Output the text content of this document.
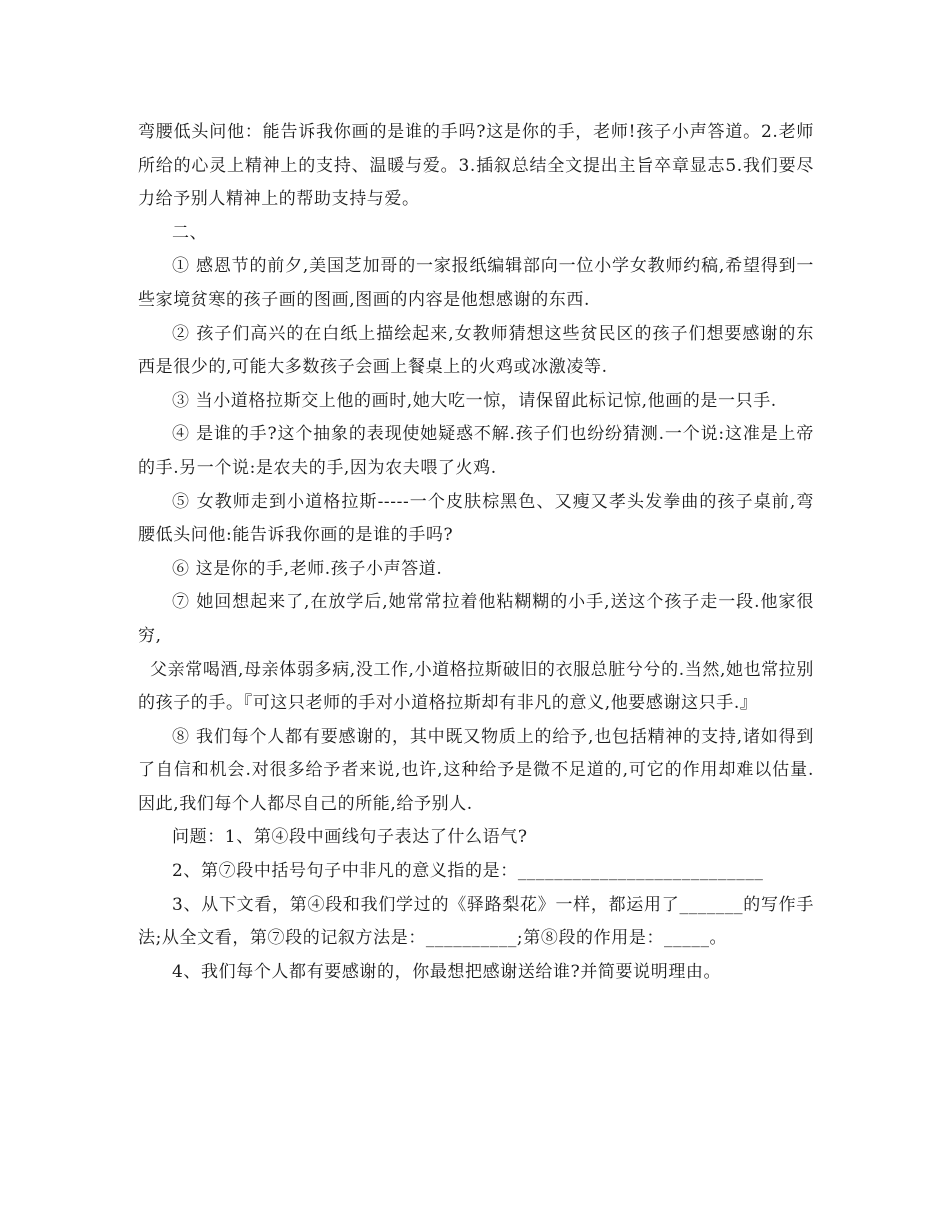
弯腰低头问他：能告诉我你画的是谁的手吗?这是你的手，老师!孩子小声答道。2.老师所给的心灵上精神上的支持、温暖与爱。3.插叙总结全文提出主旨卒章显志5.我们要尽力给予别人精神上的帮助支持与爱。

二、

① 感恩节的前夕,美国芝加哥的一家报纸编辑部向一位小学女教师约稿,希望得到一些家境贫寒的孩子画的图画,图画的内容是他想感谢的东西.

② 孩子们高兴的在白纸上描绘起来,女教师猜想这些贫民区的孩子们想要感谢的东西是很少的,可能大多数孩子会画上餐桌上的火鸡或冰激凌等.

③ 当小道格拉斯交上他的画时,她大吃一惊，请保留此标记惊,他画的是一只手.

④ 是谁的手?这个抽象的表现使她疑惑不解.孩子们也纷纷猜测.一个说:这准是上帝的手.另一个说:是农夫的手,因为农夫喂了火鸡.

⑤ 女教师走到小道格拉斯-----一个皮肤棕黑色、又瘦又孝头发拳曲的孩子桌前,弯腰低头问他:能告诉我你画的是谁的手吗?

⑥ 这是你的手,老师.孩子小声答道.

⑦ 她回想起来了,在放学后,她常常拉着他粘糊糊的小手,送这个孩子走一段.他家很穷,

父亲常喝酒,母亲体弱多病,没工作,小道格拉斯破旧的衣服总脏兮兮的.当然,她也常拉别的孩子的手。『可这只老师的手对小道格拉斯却有非凡的意义,他要感谢这只手.』

⑧ 我们每个人都有要感谢的，其中既又物质上的给予,也包括精神的支持,诸如得到了自信和机会.对很多给予者来说,也许,这种给予是微不足道的,可它的作用却难以估量.因此,我们每个人都尽自己的所能,给予别人.

问题：1、第④段中画线句子表达了什么语气?

2、第⑦段中括号句子中非凡的意义指的是：___________________________

3、从下文看，第④段和我们学过的《驿路梨花》一样，都运用了_______的写作手法;从全文看，第⑦段的记叙方法是：__________;第⑧段的作用是：_____。

4、我们每个人都有要感谢的，你最想把感谢送给谁?并简要说明理由。
